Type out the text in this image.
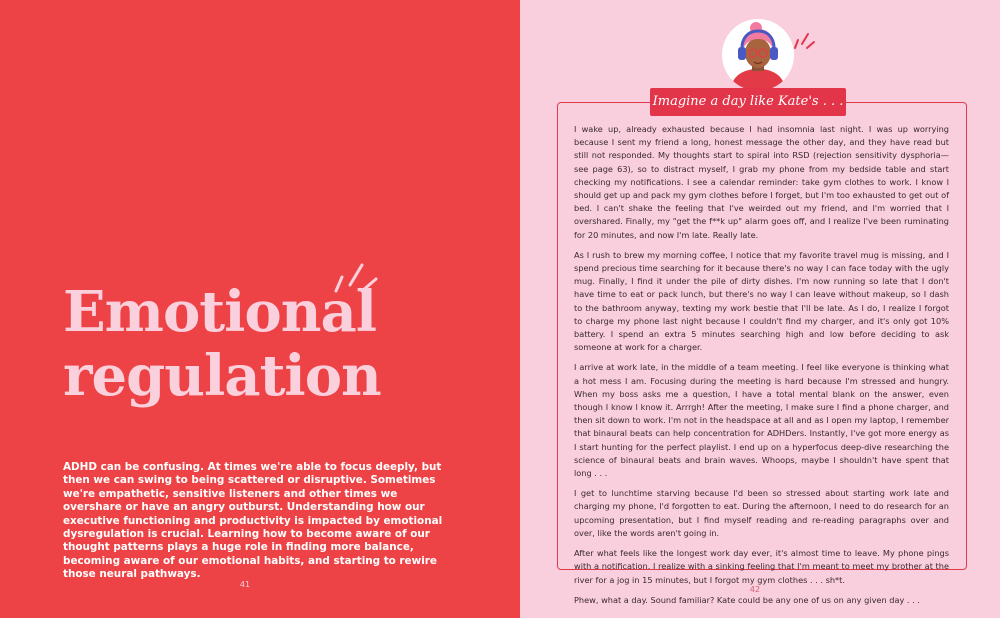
Emotional
regulation

ADHD can be confusing. At times we're able to focus deeply, but then we can swing to being scattered or disruptive. Sometimes we're empathetic, sensitive listeners and other times we overshare or have an angry outburst. Understanding how our executive functioning and productivity is impacted by emotional dysregulation is crucial. Learning how to become aware of our thought patterns plays a huge role in finding more balance, becoming aware of our emotional habits, and starting to rewire those neural pathways.

41
Imagine a day like Kate's . . .

I wake up, already exhausted because I had insomnia last night. I was up worrying because I sent my friend a long, honest message the other day, and they have read but still not responded. My thoughts start to spiral into RSD (rejection sensitivity dysphoria—see page 63), so to distract myself, I grab my phone from my bedside table and start checking my notifications. I see a calendar reminder: take gym clothes to work. I know I should get up and pack my gym clothes before I forget, but I'm too exhausted to get out of bed. I can't shake the feeling that I've weirded out my friend, and I'm worried that I overshared. Finally, my "get the f**k up" alarm goes off, and I realize I've been ruminating for 20 minutes, and now I'm late. Really late.

As I rush to brew my morning coffee, I notice that my favorite travel mug is missing, and I spend precious time searching for it because there's no way I can face today with the ugly mug. Finally, I find it under the pile of dirty dishes. I'm now running so late that I don't have time to eat or pack lunch, but there's no way I can leave without makeup, so I dash to the bathroom anyway, texting my work bestie that I'll be late. As I do, I realize I forgot to charge my phone last night because I couldn't find my charger, and it's only got 10% battery. I spend an extra 5 minutes searching high and low before deciding to ask someone at work for a charger.

I arrive at work late, in the middle of a team meeting. I feel like everyone is thinking what a hot mess I am. Focusing during the meeting is hard because I'm stressed and hungry. When my boss asks me a question, I have a total mental blank on the answer, even though I know I know it. Arrrgh! After the meeting, I make sure I find a phone charger, and then sit down to work. I'm not in the headspace at all and as I open my laptop, I remember that binaural beats can help concentration for ADHDers. Instantly, I've got more energy as I start hunting for the perfect playlist. I end up on a hyperfocus deep-dive researching the science of binaural beats and brain waves. Whoops, maybe I shouldn't have spent that long . . .

I get to lunchtime starving because I'd been so stressed about starting work late and charging my phone, I'd forgotten to eat. During the afternoon, I need to do research for an upcoming presentation, but I find myself reading and re-reading paragraphs over and over, like the words aren't going in.

After what feels like the longest work day ever, it's almost time to leave. My phone pings with a notification. I realize with a sinking feeling that I'm meant to meet my brother at the river for a jog in 15 minutes, but I forgot my gym clothes . . . sh*t.

Phew, what a day. Sound familiar? Kate could be any one of us on any given day . . .

42
